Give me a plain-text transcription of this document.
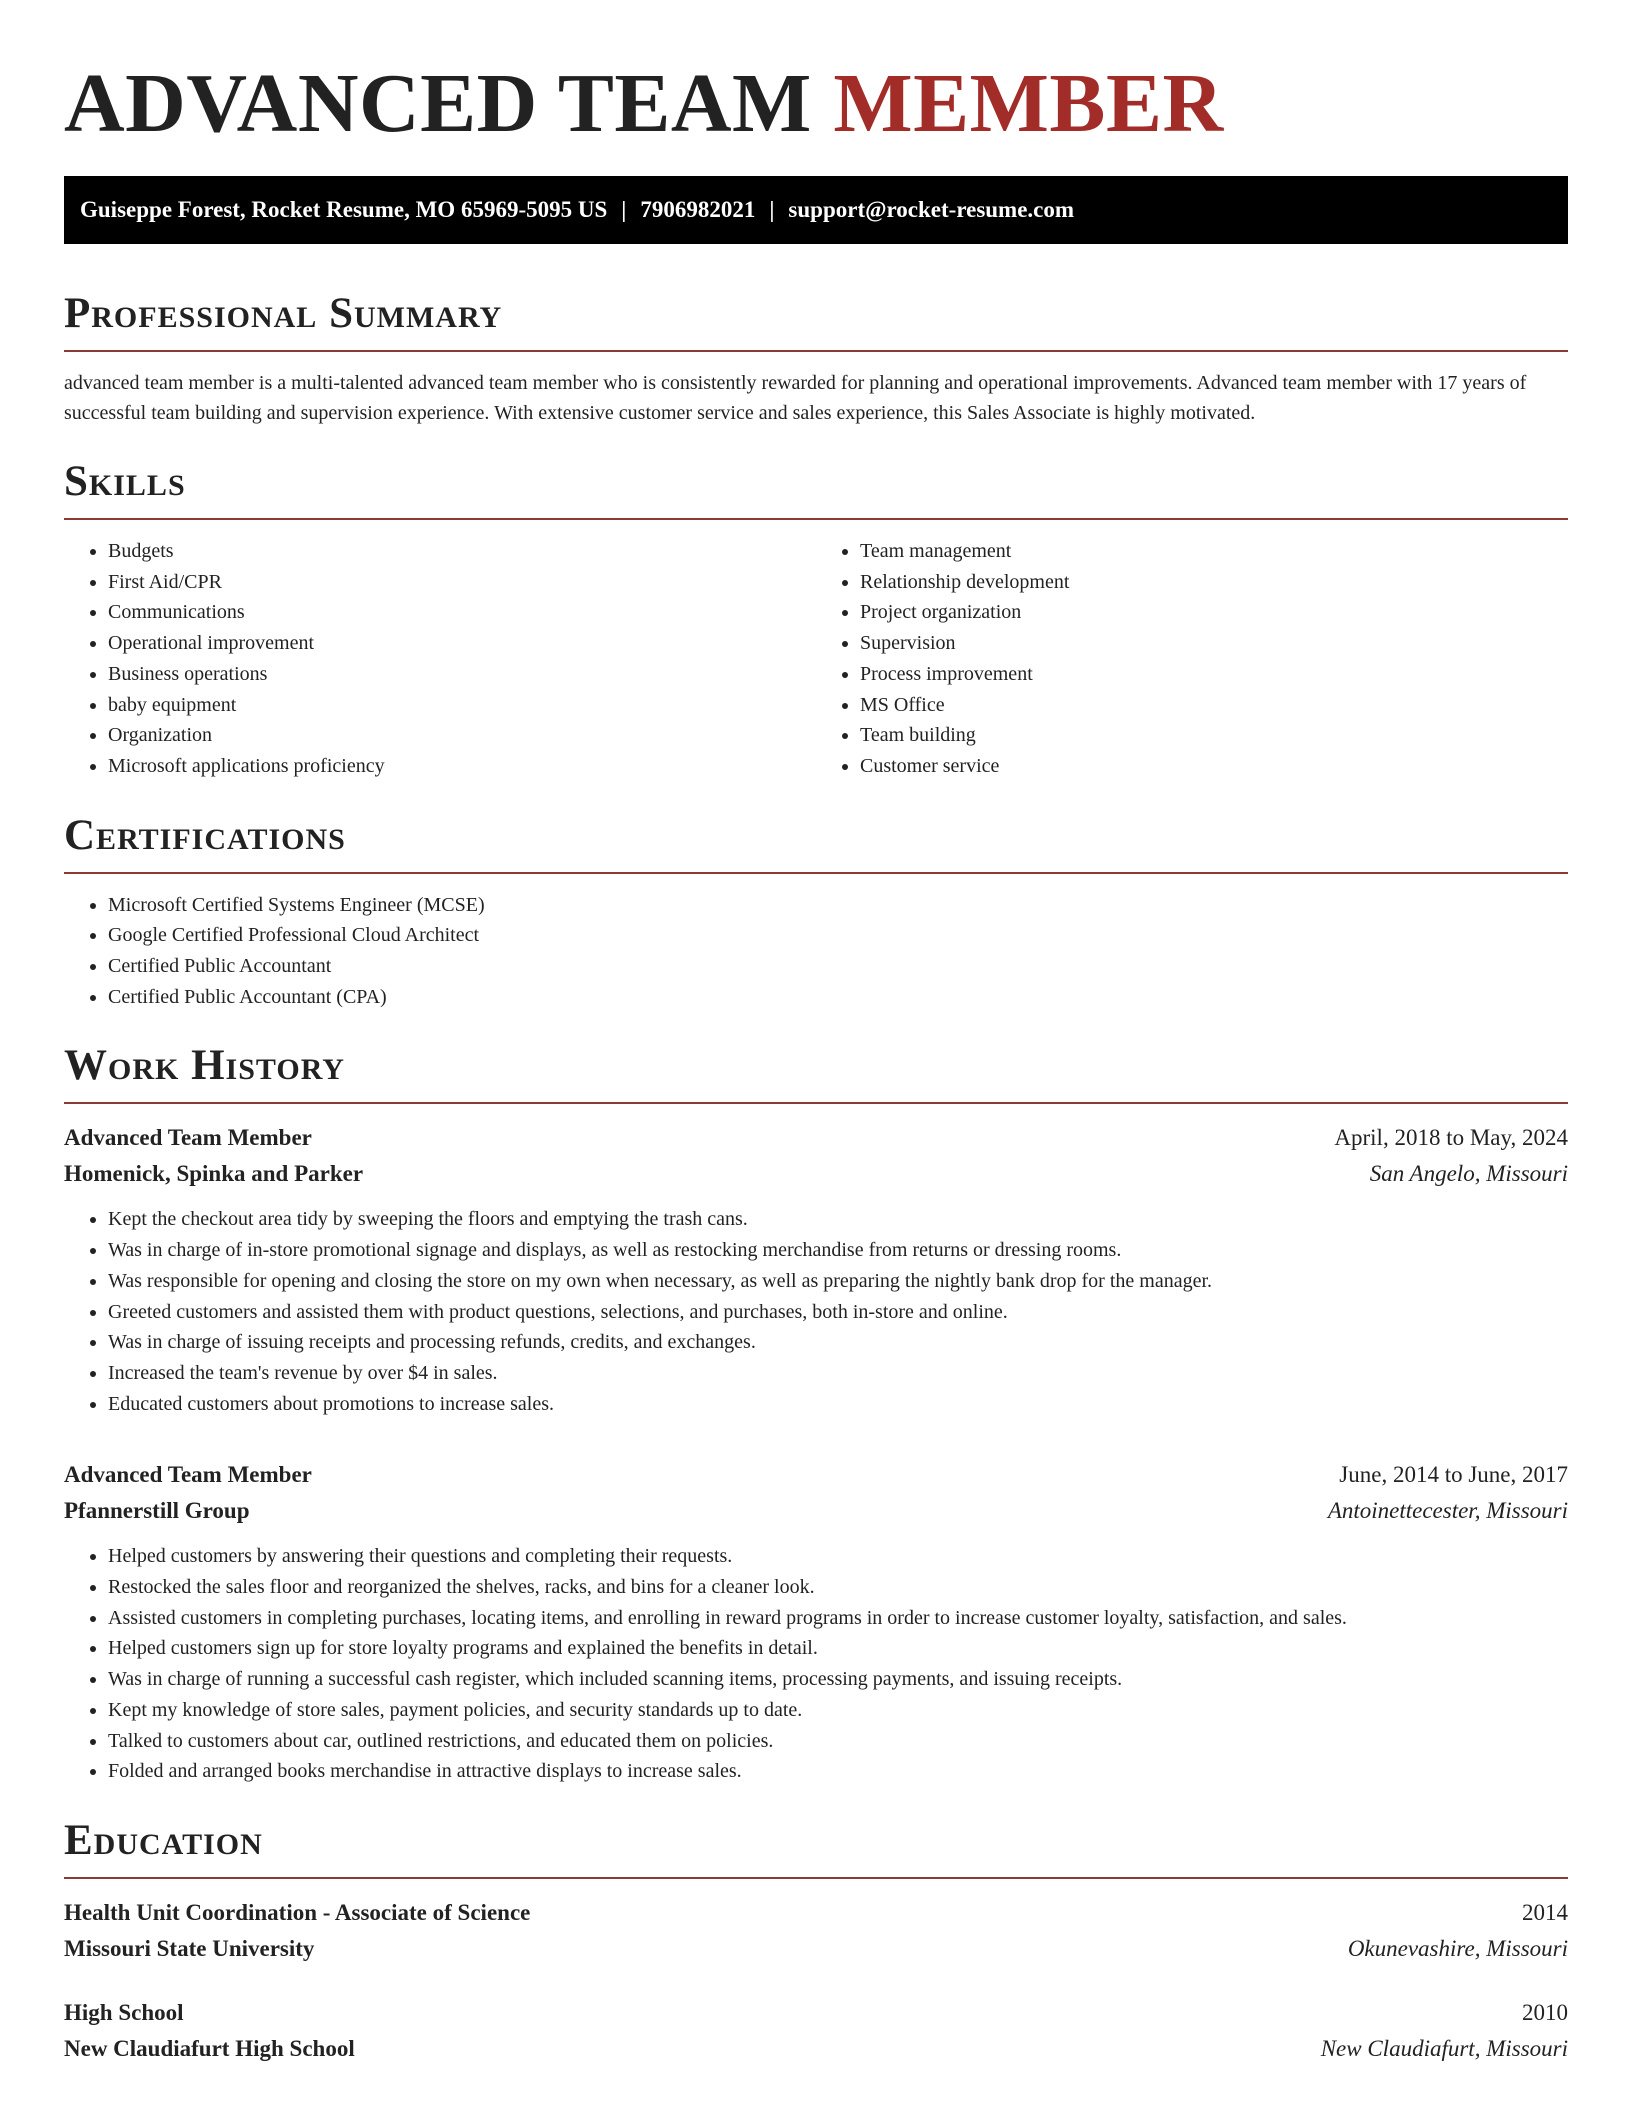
ADVANCED TEAM MEMBER
Guiseppe Forest, Rocket Resume, MO 65969-5095 US | 7906982021 | support@rocket-resume.com
Professional Summary

advanced team member is a multi-talented advanced team member who is consistently rewarded for planning and operational improvements. Advanced team member with 17 years of successful team building and supervision experience. With extensive customer service and sales experience, this Sales Associate is highly motivated.

Skills
• Budgets
• First Aid/CPR
• Communications
• Operational improvement
• Business operations
• baby equipment
• Organization
• Microsoft applications proficiency
• Team management
• Relationship development
• Project organization
• Supervision
• Process improvement
• MS Office
• Team building
• Customer service
Certifications
• Microsoft Certified Systems Engineer (MCSE)
• Google Certified Professional Cloud Architect
• Certified Public Accountant
• Certified Public Accountant (CPA)
Work History
Advanced Team Member	April, 2018 to May, 2024
Homenick, Spinka and Parker	San Angelo, Missouri
• Kept the checkout area tidy by sweeping the floors and emptying the trash cans.
• Was in charge of in-store promotional signage and displays, as well as restocking merchandise from returns or dressing rooms.
• Was responsible for opening and closing the store on my own when necessary, as well as preparing the nightly bank drop for the manager.
• Greeted customers and assisted them with product questions, selections, and purchases, both in-store and online.
• Was in charge of issuing receipts and processing refunds, credits, and exchanges.
• Increased the team's revenue by over $4 in sales.
• Educated customers about promotions to increase sales.
Advanced Team Member	June, 2014 to June, 2017
Pfannerstill Group	Antoinettecester, Missouri
• Helped customers by answering their questions and completing their requests.
• Restocked the sales floor and reorganized the shelves, racks, and bins for a cleaner look.
• Assisted customers in completing purchases, locating items, and enrolling in reward programs in order to increase customer loyalty, satisfaction, and sales.
• Helped customers sign up for store loyalty programs and explained the benefits in detail.
• Was in charge of running a successful cash register, which included scanning items, processing payments, and issuing receipts.
• Kept my knowledge of store sales, payment policies, and security standards up to date.
• Talked to customers about car, outlined restrictions, and educated them on policies.
• Folded and arranged books merchandise in attractive displays to increase sales.
Education
Health Unit Coordination - Associate of Science	2014
Missouri State University	Okunevashire, Missouri
High School	2010
New Claudiafurt High School	New Claudiafurt, Missouri
